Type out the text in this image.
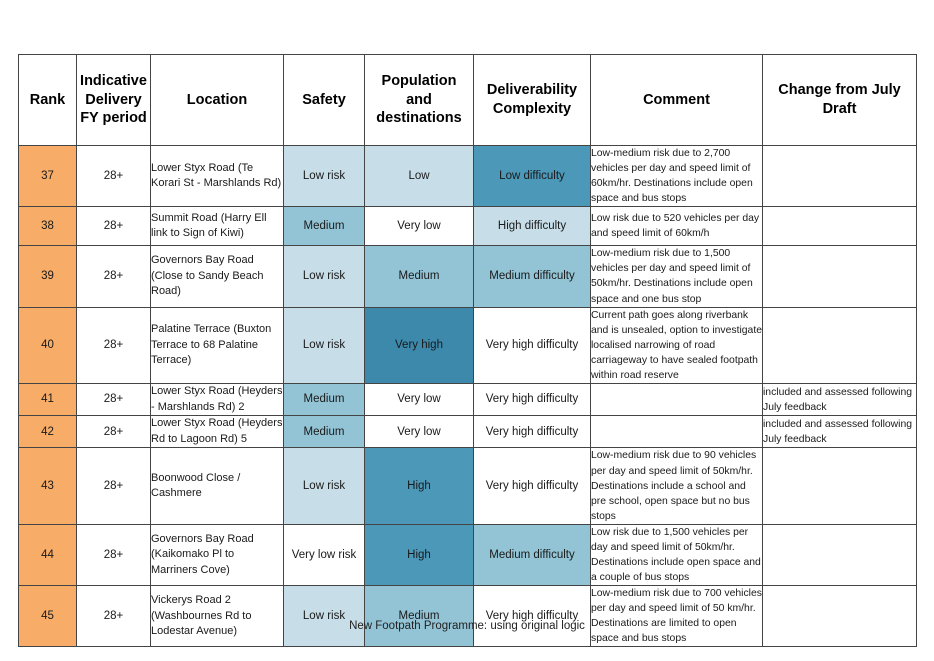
Rank	Indicative
Delivery
FY period	Location	Safety	Population
and
destinations	Deliverability
Complexity	Comment	Change from July
Draft

37	28+	Lower Styx Road (Te Korari St - Marshlands Rd)	Low risk	Low	Low difficulty	Low-medium risk due to 2,700 vehicles per day and speed limit of 60km/hr. Destinations include open space and bus stops	
38	28+	Summit Road (Harry Ell link to Sign of Kiwi)	Medium	Very low	High difficulty	Low risk due to 520 vehicles per day and speed limit of 60km/h	
39	28+	Governors Bay Road (Close to Sandy Beach Road)	Low risk	Medium	Medium difficulty	Low-medium risk due to 1,500 vehicles per day and speed limit of 50km/hr. Destinations include open space and one bus stop	
40	28+	Palatine Terrace (Buxton Terrace to 68 Palatine Terrace)	Low risk	Very high	Very high difficulty	Current path goes along riverbank and is unsealed, option to investigate localised narrowing of road carriageway to have sealed footpath within road reserve	
41	28+	Lower Styx Road (Heyders - Marshlands Rd) 2	Medium	Very low	Very high difficulty		included and assessed following July feedback
42	28+	Lower Styx Road (Heyders Rd to Lagoon Rd) 5	Medium	Very low	Very high difficulty		included and assessed following July feedback
43	28+	Boonwood Close / Cashmere	Low risk	High	Very high difficulty	Low-medium risk due to 90 vehicles per day and speed limit of 50km/hr. Destinations include a school and pre school, open space but no bus stops	
44	28+	Governors Bay Road (Kaikomako Pl to Marriners Cove)	Very low risk	High	Medium difficulty	Low risk due to 1,500 vehicles per day and speed limit of 50km/hr. Destinations include open space and a couple of bus stops	
45	28+	Vickerys Road 2 (Washbournes Rd to Lodestar Avenue)	Low risk	Medium	Very high difficulty	Low-medium risk due to 700 vehicles per day and speed limit of 50 km/hr. Destinations are limited to open space and bus stops	
New Footpath Programme: using original logic
